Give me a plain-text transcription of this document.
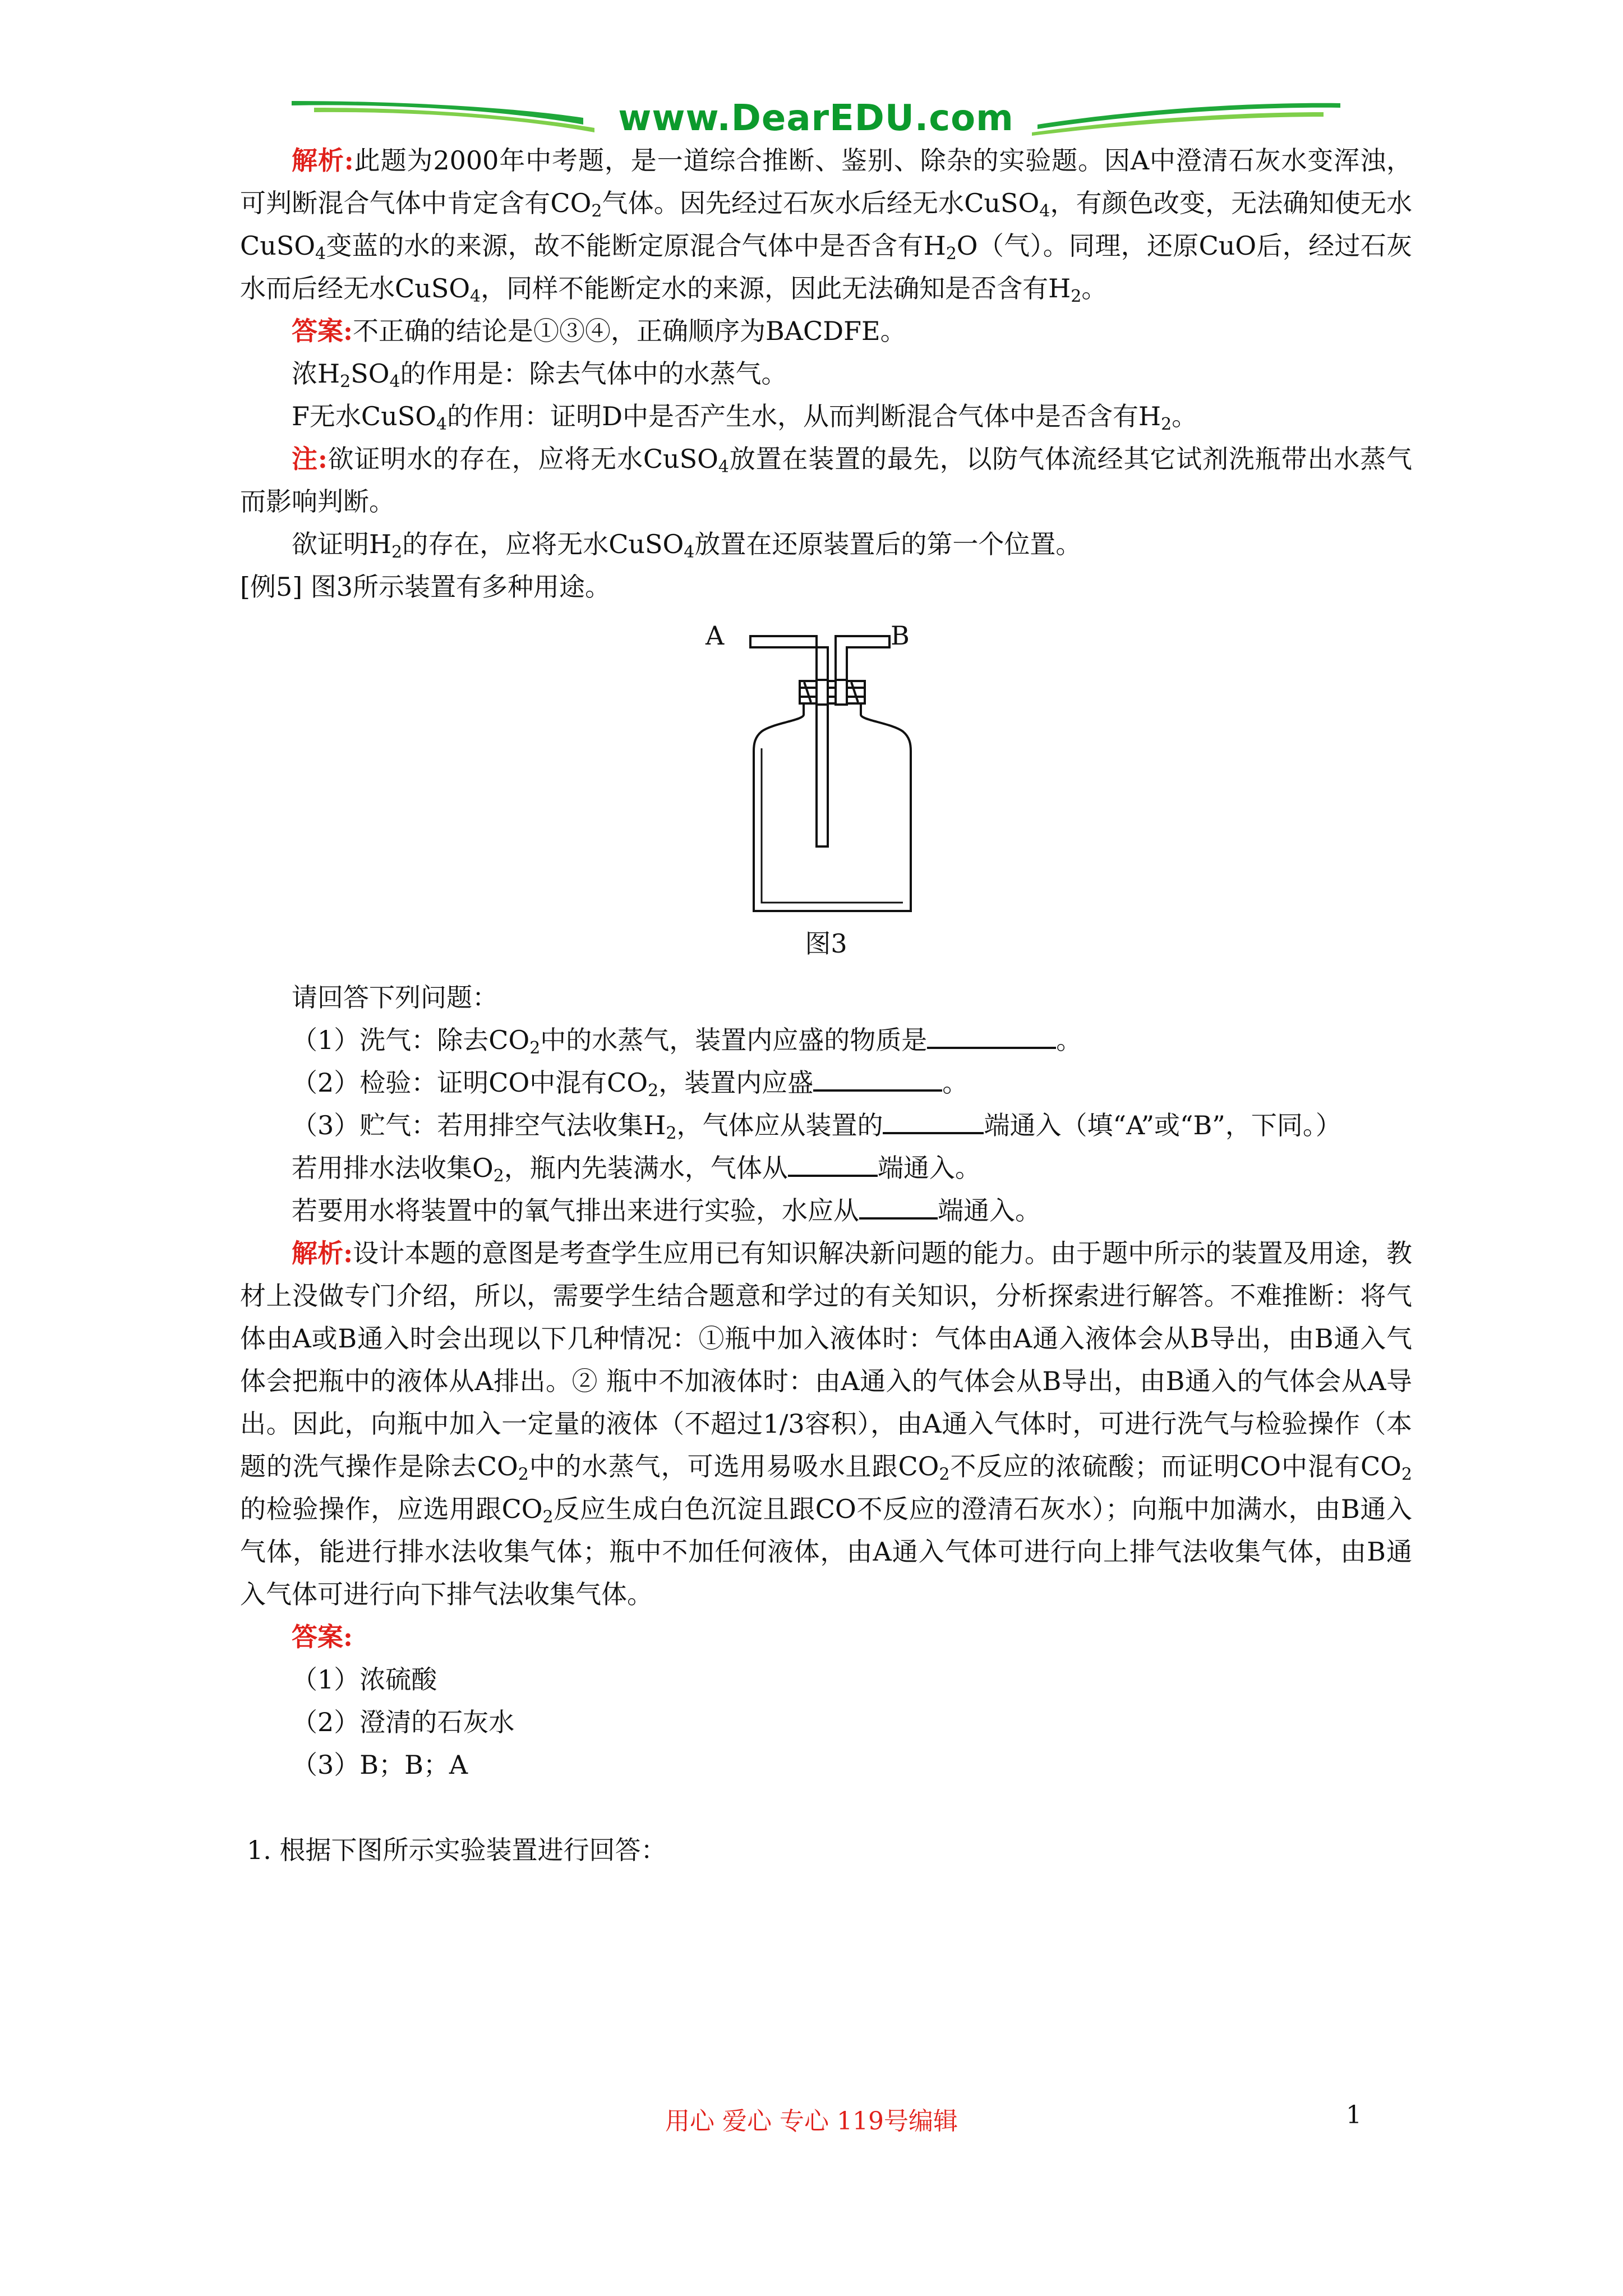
www.DearEDU.com

解析:此题为2000年中考题，是一道综合推断、鉴别、除杂的实验题。因A中澄清石灰水变浑浊，可判断混合气体中肯定含有$CO_2$气体。因先经过石灰水后经无水CuSO$_4$，有颜色改变，无法确知使无水CuSO$_4$变蓝的水的来源，故不能断定原混合气体中是否含有$H_2O$（气）。同理，还原CuO后，经过石灰水而后经无水CuSO$_4$，同样不能断定水的来源，因此无法确知是否含有$H_2$。

答案:不正确的结论是①③④，正确顺序为BACDFE。

浓$H_2SO_4$的作用是：除去气体中的水蒸气。

F无水CuSO$_4$的作用：证明D中是否产生水，从而判断混合气体中是否含有$H_2$。

注:欲证明水的存在，应将无水CuSO$_4$放置在装置的最先，以防气体流经其它试剂洗瓶带出水蒸气而影响判断。

欲证明$H_2$的存在，应将无水CuSO$_4$放置在还原装置后的第一个位置。

[例5] 图3所示装置有多种用途。

A	B

图3

请回答下列问题：

（1）洗气：除去$CO_2$中的水蒸气，装置内应盛的物质是	。

（2）检验：证明CO中混有$CO_2$，装置内应盛	。

（3）贮气：若用排空气法收集$H_2$，气体应从装置的	端通入（填“A”或“B”，下同。）

若用排水法收集$O_2$，瓶内先装满水，气体从	端通入。

若要用水将装置中的氧气排出来进行实验，水应从	端通入。

解析:设计本题的意图是考查学生应用已有知识解决新问题的能力。由于题中所示的装置及用途，教材上没做专门介绍，所以，需要学生结合题意和学过的有关知识，分析探索进行解答。不难推断：将气体由A或B通入时会出现以下几种情况：①瓶中加入液体时：气体由A通入液体会从B导出，由B通入气体会把瓶中的液体从A排出。② 瓶中不加液体时：由A通入的气体会从B导出，由B通入的气体会从A导出。因此，向瓶中加入一定量的液体（不超过1/3容积），由A通入气体时，可进行洗气与检验操作（本题的洗气操作是除去$CO_2$中的水蒸气，可选用易吸水且跟$CO_2$不反应的浓硫酸；而证明CO中混有$CO_2$的检验操作，应选用跟$CO_2$反应生成白色沉淀且跟CO不反应的澄清石灰水）；向瓶中加满水，由B通入气体，能进行排水法收集气体；瓶中不加任何液体，由A通入气体可进行向上排气法收集气体，由B通入气体可进行向下排气法收集气体。

答案:

（1）浓硫酸

（2）澄清的石灰水

（3）B；B；A

1. 根据下图所示实验装置进行回答：

用心 爱心 专心 119号编辑	1
